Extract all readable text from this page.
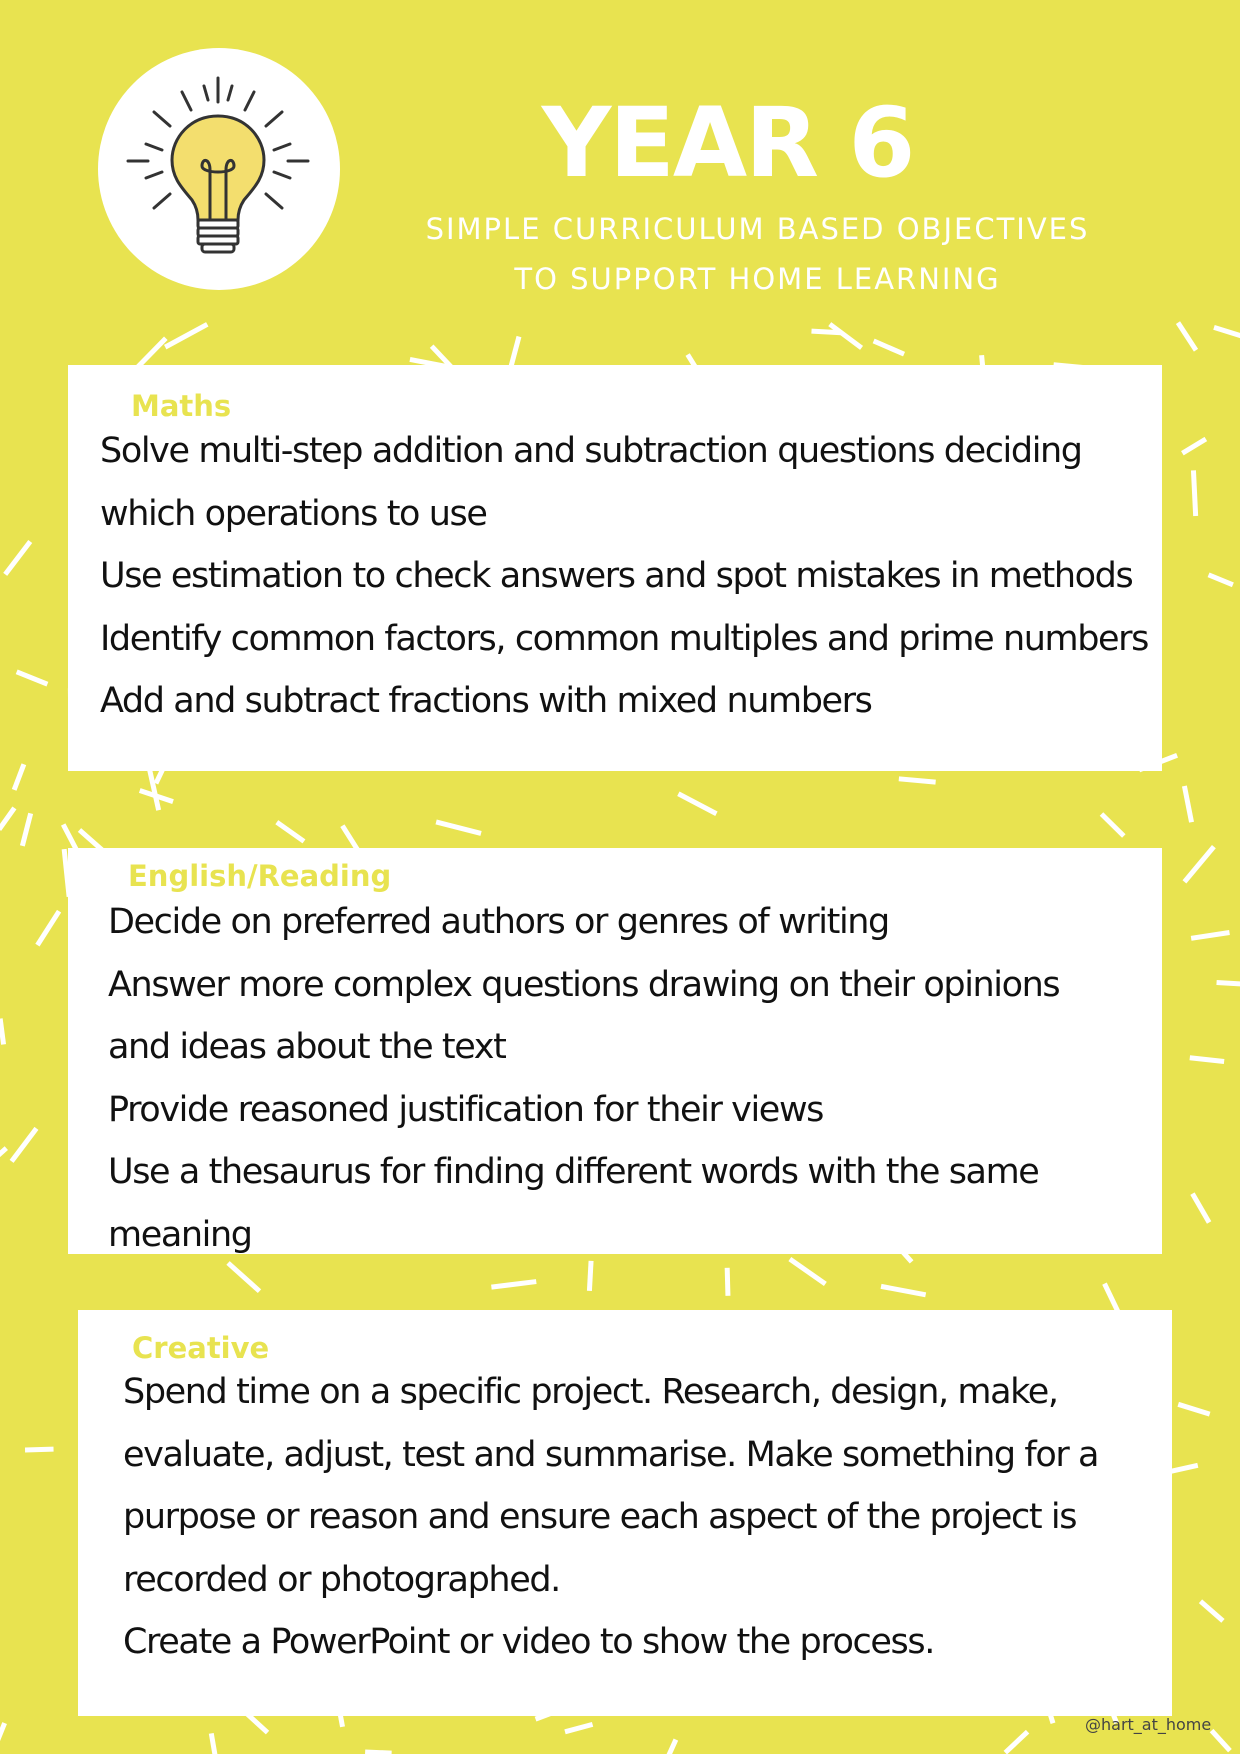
YEAR 6
SIMPLE CURRICULUM BASED OBJECTIVES
TO SUPPORT HOME LEARNING
Maths
Solve multi-step addition and subtraction questions deciding
which operations to use
Use estimation to check answers and spot mistakes in methods
Identify common factors, common multiples and prime numbers
Add and subtract fractions with mixed numbers
English/Reading
Decide on preferred authors or genres of writing
Answer more complex questions drawing on their opinions
and ideas about the text
Provide reasoned justification for their views
Use a thesaurus for finding different words with the same
meaning
Creative
Spend time on a specific project. Research, design, make,
evaluate, adjust, test and summarise. Make something for a
purpose or reason and ensure each aspect of the project is
recorded or photographed.
Create a PowerPoint or video to show the process.
@hart_at_home
